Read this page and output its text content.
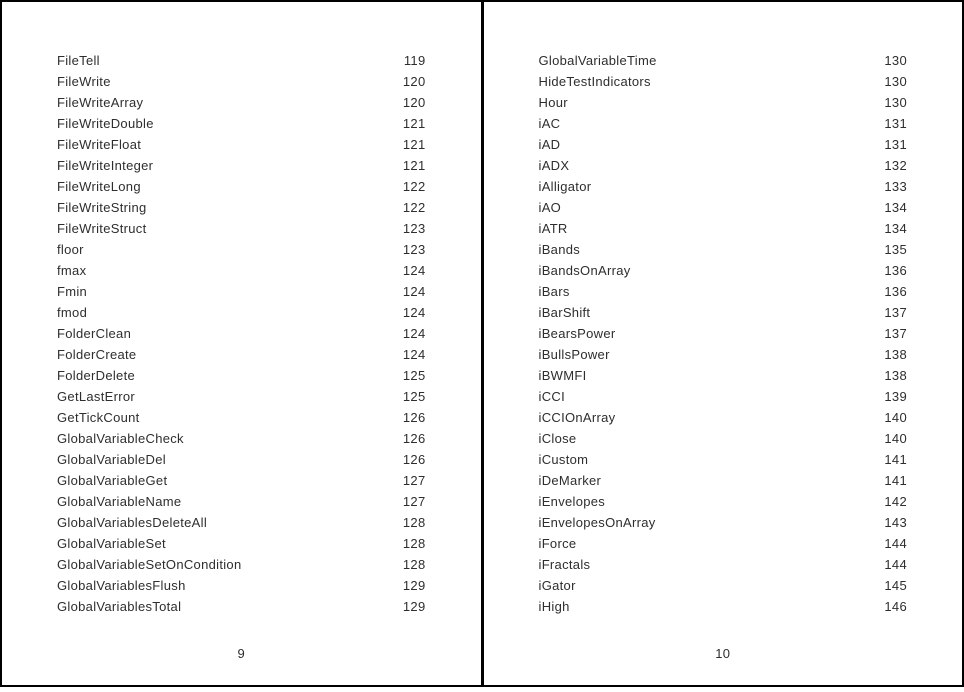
FileTell	119
FileWrite	120
FileWriteArray	120
FileWriteDouble	121
FileWriteFloat	121
FileWriteInteger	121
FileWriteLong	122
FileWriteString	122
FileWriteStruct	123
floor	123
fmax	124
Fmin	124
fmod	124
FolderClean	124
FolderCreate	124
FolderDelete	125
GetLastError	125
GetTickCount	126
GlobalVariableCheck	126
GlobalVariableDel	126
GlobalVariableGet	127
GlobalVariableName	127
GlobalVariablesDeleteAll	128
GlobalVariableSet	128
GlobalVariableSetOnCondition	128
GlobalVariablesFlush	129
GlobalVariablesTotal	129
9
GlobalVariableTime	130
HideTestIndicators	130
Hour	130
iAC	131
iAD	131
iADX	132
iAlligator	133
iAO	134
iATR	134
iBands	135
iBandsOnArray	136
iBars	136
iBarShift	137
iBearsPower	137
iBullsPower	138
iBWMFI	138
iCCI	139
iCCIOnArray	140
iClose	140
iCustom	141
iDeMarker	141
iEnvelopes	142
iEnvelopesOnArray	143
iForce	144
iFractals	144
iGator	145
iHigh	146
10
